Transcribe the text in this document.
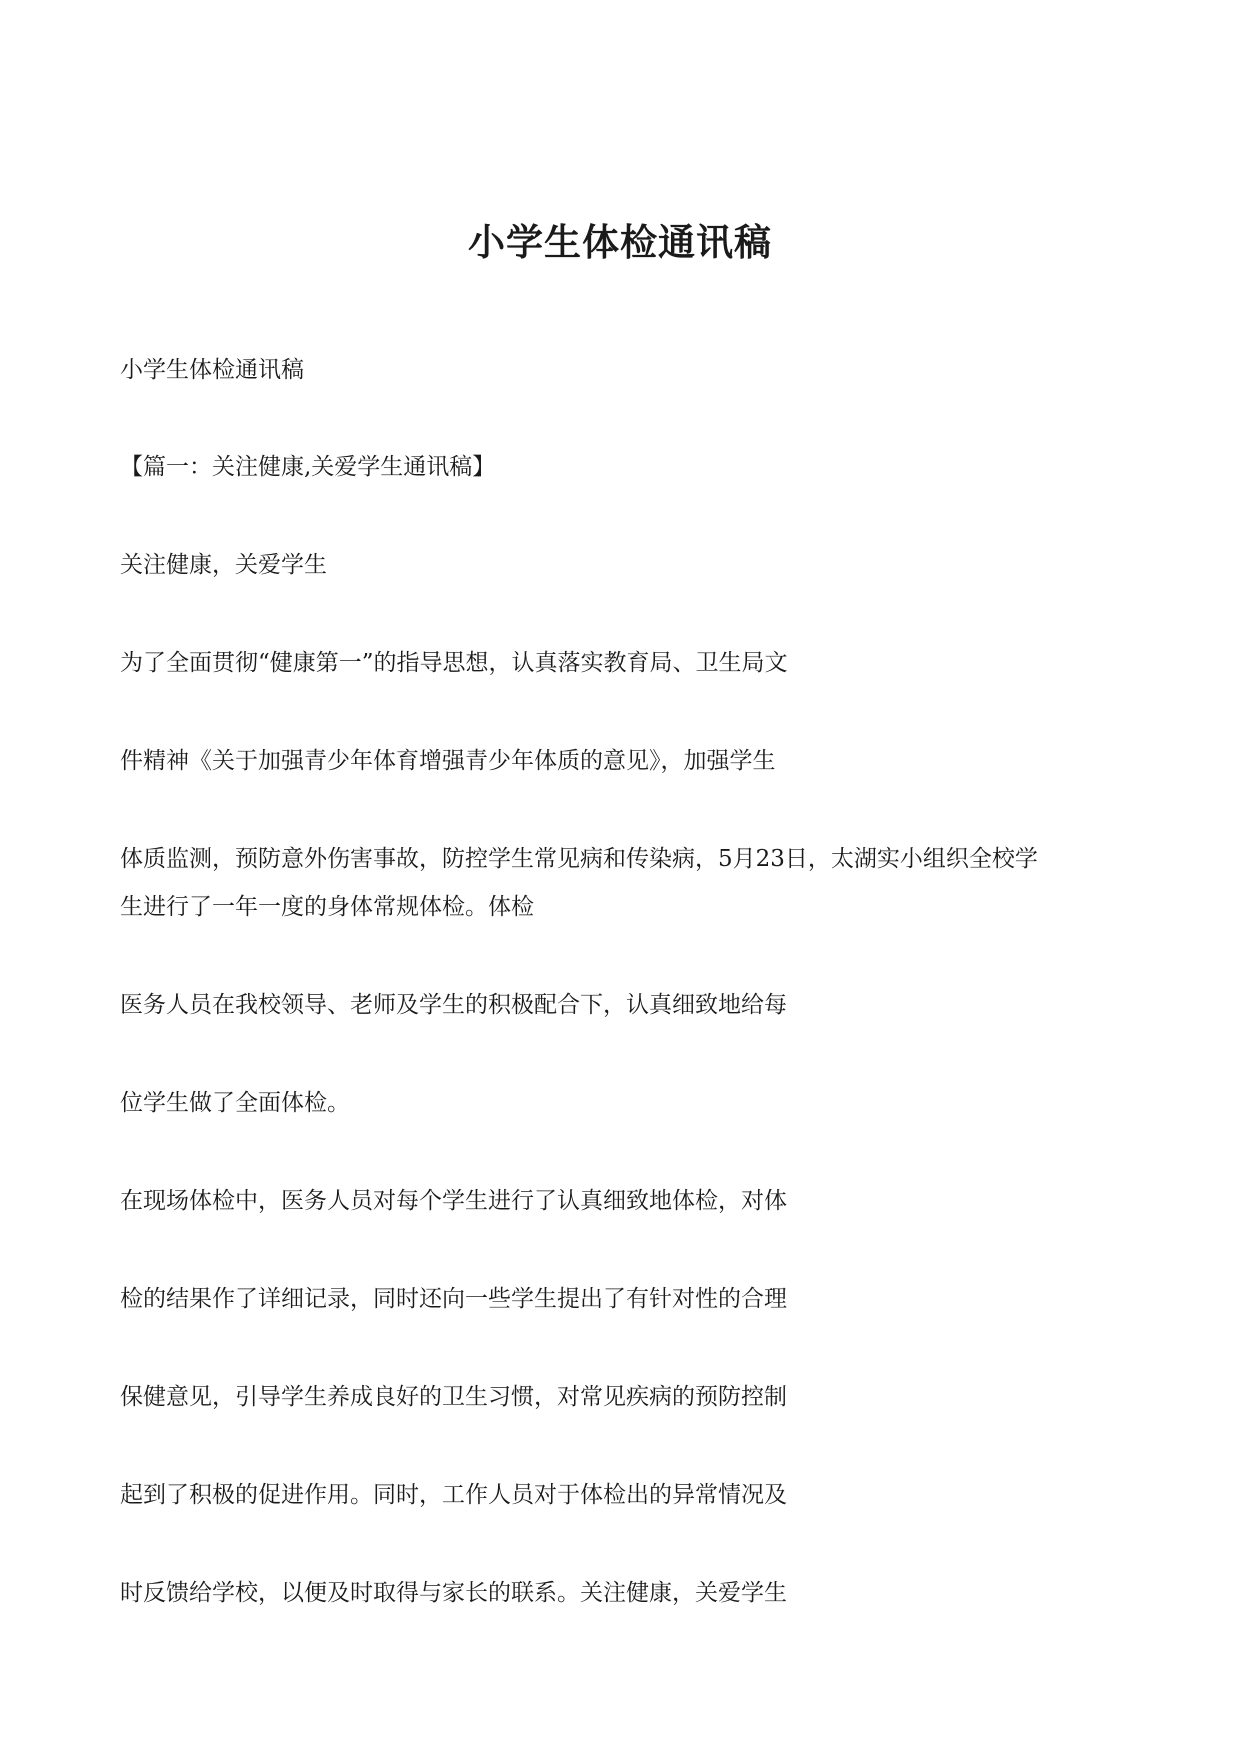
小学生体检通讯稿
小学生体检通讯稿
【篇一：关注健康,关爱学生通讯稿】
关注健康，关爱学生
为了全面贯彻“健康第一”的指导思想，认真落实教育局、卫生局文
件精神《关于加强青少年体育增强青少年体质的意见》，加强学生
体质监测，预防意外伤害事故，防控学生常见病和传染病，5月23日，太湖实小组织全校学
生进行了一年一度的身体常规体检。体检
医务人员在我校领导、老师及学生的积极配合下，认真细致地给每
位学生做了全面体检。
在现场体检中，医务人员对每个学生进行了认真细致地体检，对体
检的结果作了详细记录，同时还向一些学生提出了有针对性的合理
保健意见，引导学生养成良好的卫生习惯，对常见疾病的预防控制
起到了积极的促进作用。同时，工作人员对于体检出的异常情况及
时反馈给学校，以便及时取得与家长的联系。关注健康，关爱学生
